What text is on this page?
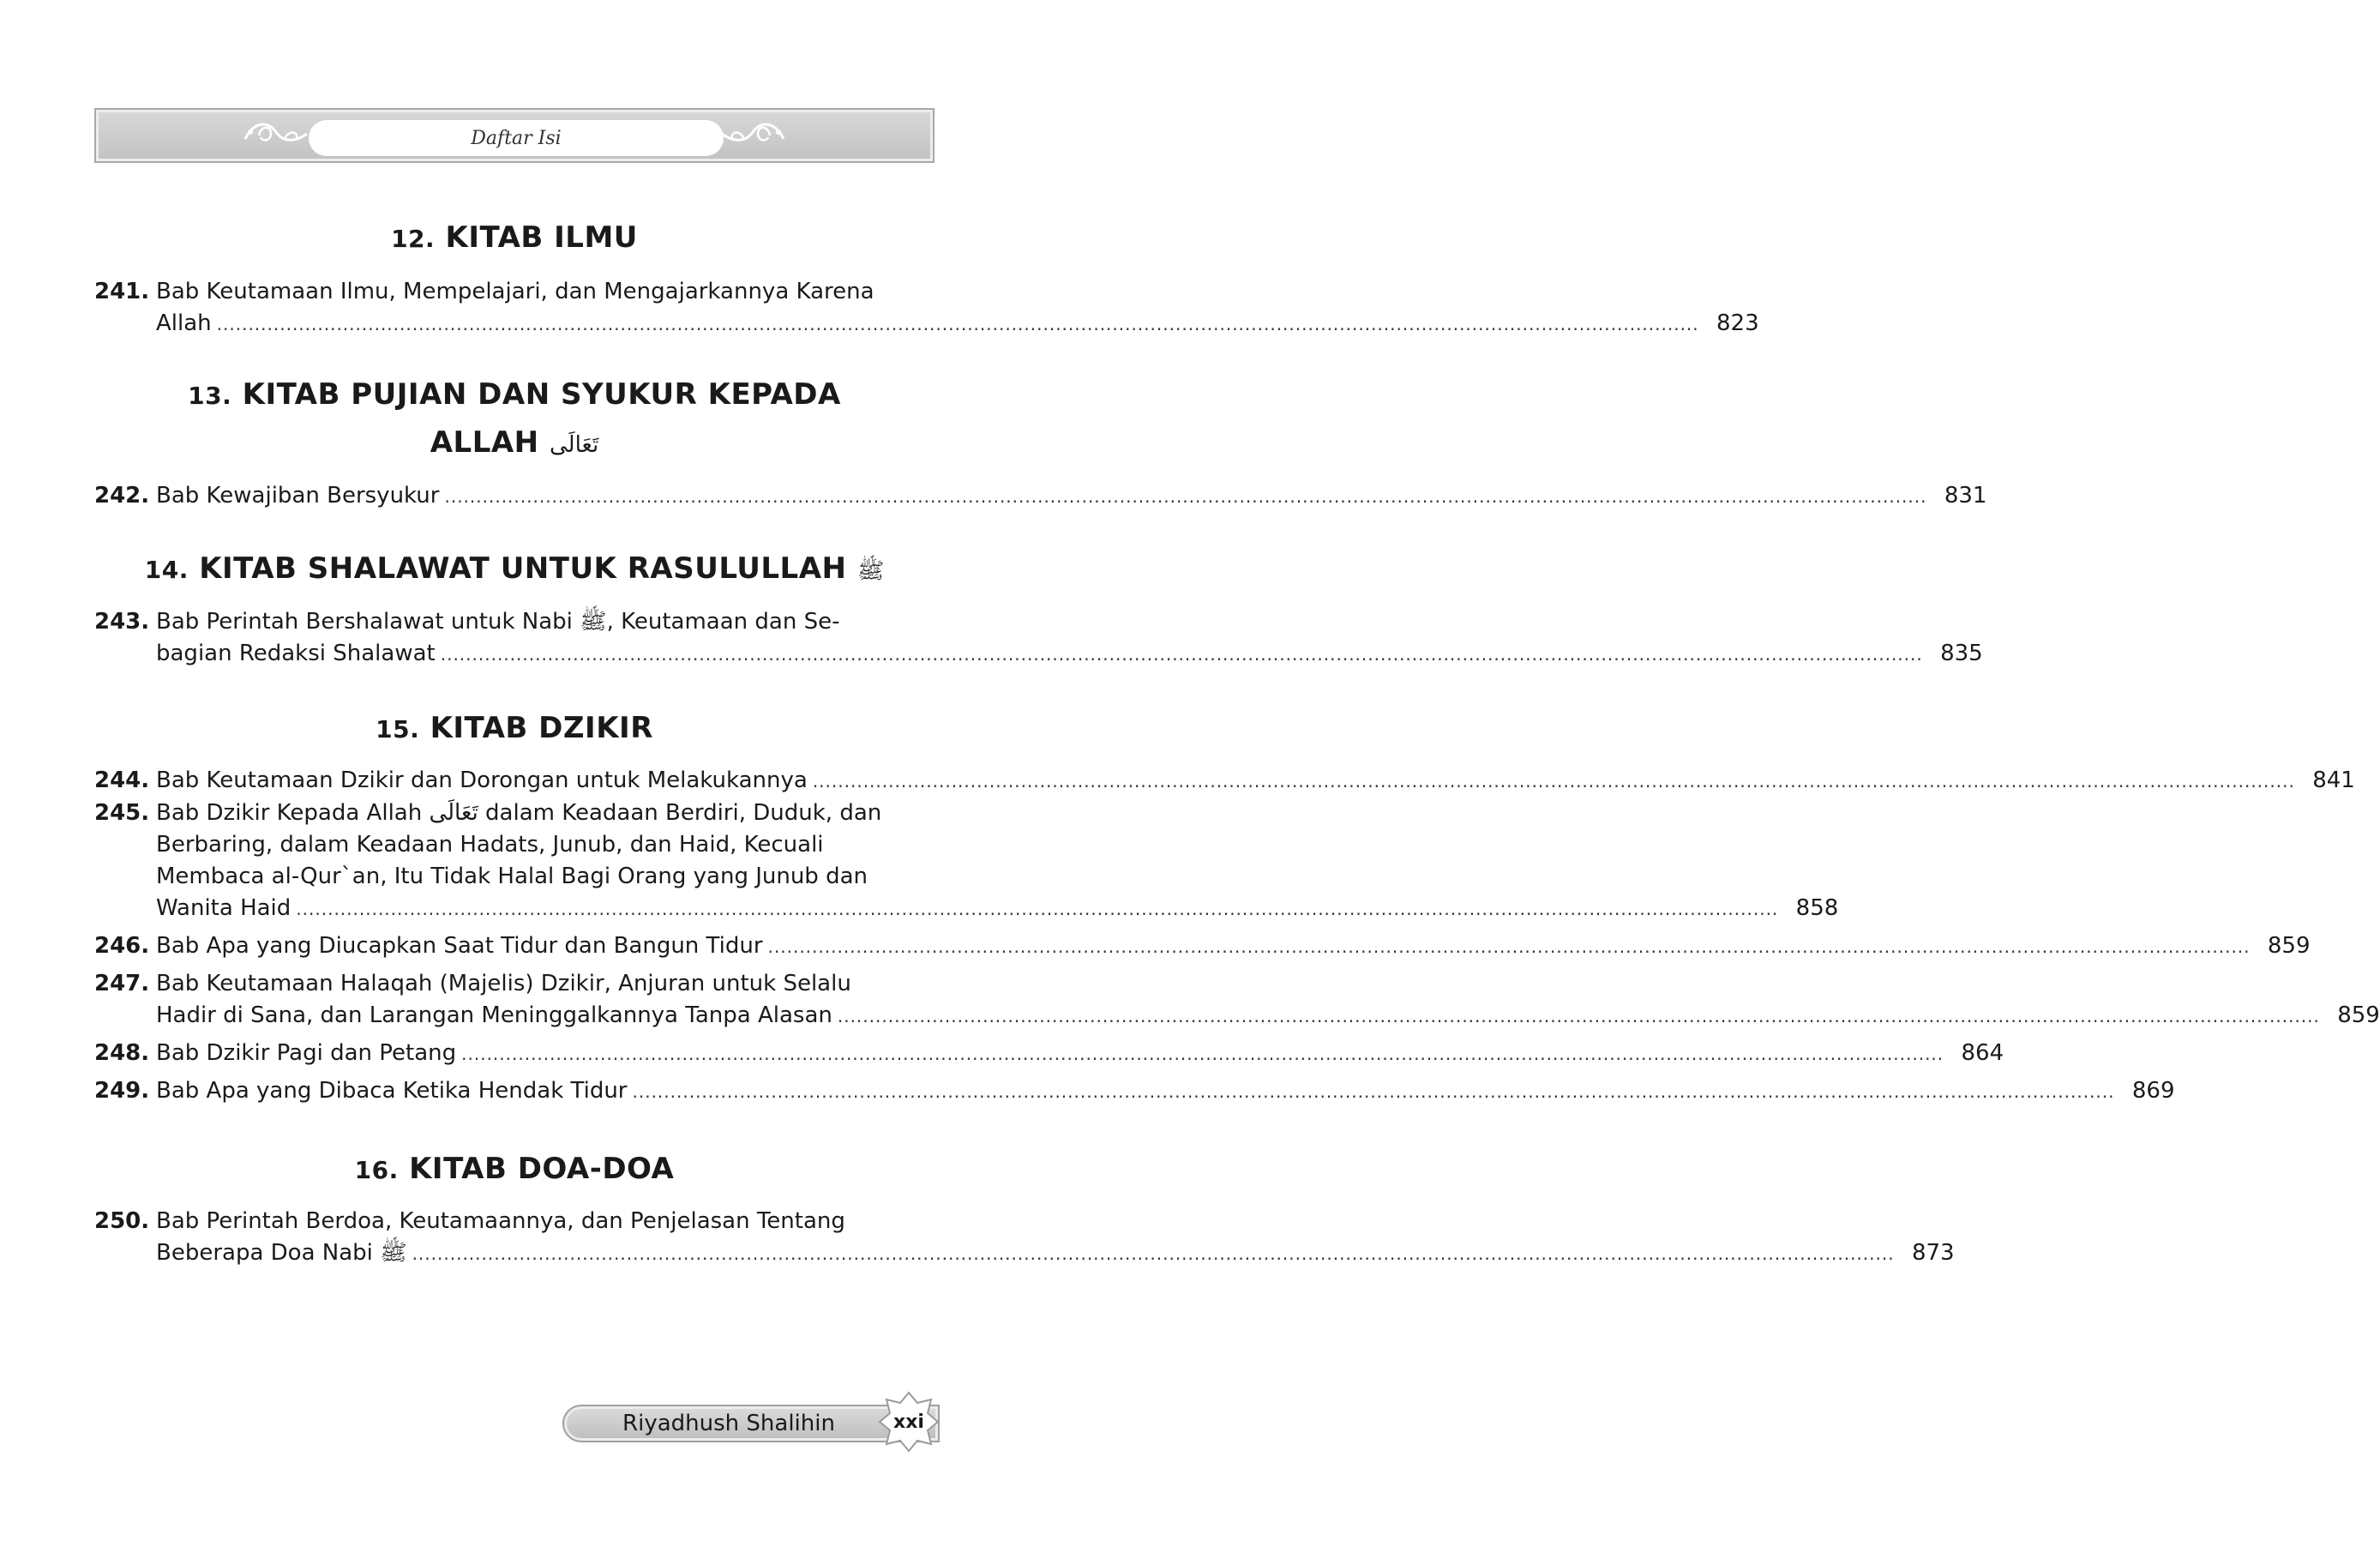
Daftar Isi
12. KITAB ILMU
241. Bab Keutamaan Ilmu, Mempelajari, dan Mengajarkannya Karena
Allah .....	823
13. KITAB PUJIAN DAN SYUKUR KEPADA
ALLAH تَعَالَى
242. Bab Kewajiban Bersyukur .....	831
14. KITAB SHALAWAT UNTUK RASULULLAH ﷺ
243. Bab Perintah Bershalawat untuk Nabi ﷺ, Keutamaan dan Se-
bagian Redaksi Shalawat .....	835
15. KITAB DZIKIR
244. Bab Keutamaan Dzikir dan Dorongan untuk Melakukannya .....	841
245. Bab Dzikir Kepada Allah تَعَالَى dalam Keadaan Berdiri, Duduk, dan
Berbaring, dalam Keadaan Hadats, Junub, dan Haid, Kecuali
Membaca al-Qur`an, Itu Tidak Halal Bagi Orang yang Junub dan
Wanita Haid .....	858
246. Bab Apa yang Diucapkan Saat Tidur dan Bangun Tidur .....	859
247. Bab Keutamaan Halaqah (Majelis) Dzikir, Anjuran untuk Selalu
Hadir di Sana, dan Larangan Meninggalkannya Tanpa Alasan .....	859
248. Bab Dzikir Pagi dan Petang .....	864
249. Bab Apa yang Dibaca Ketika Hendak Tidur .....	869
16. KITAB DOA-DOA
250. Bab Perintah Berdoa, Keutamaannya, dan Penjelasan Tentang
Beberapa Doa Nabi ﷺ .....	873
Riyadhush Shalihin	xxi
